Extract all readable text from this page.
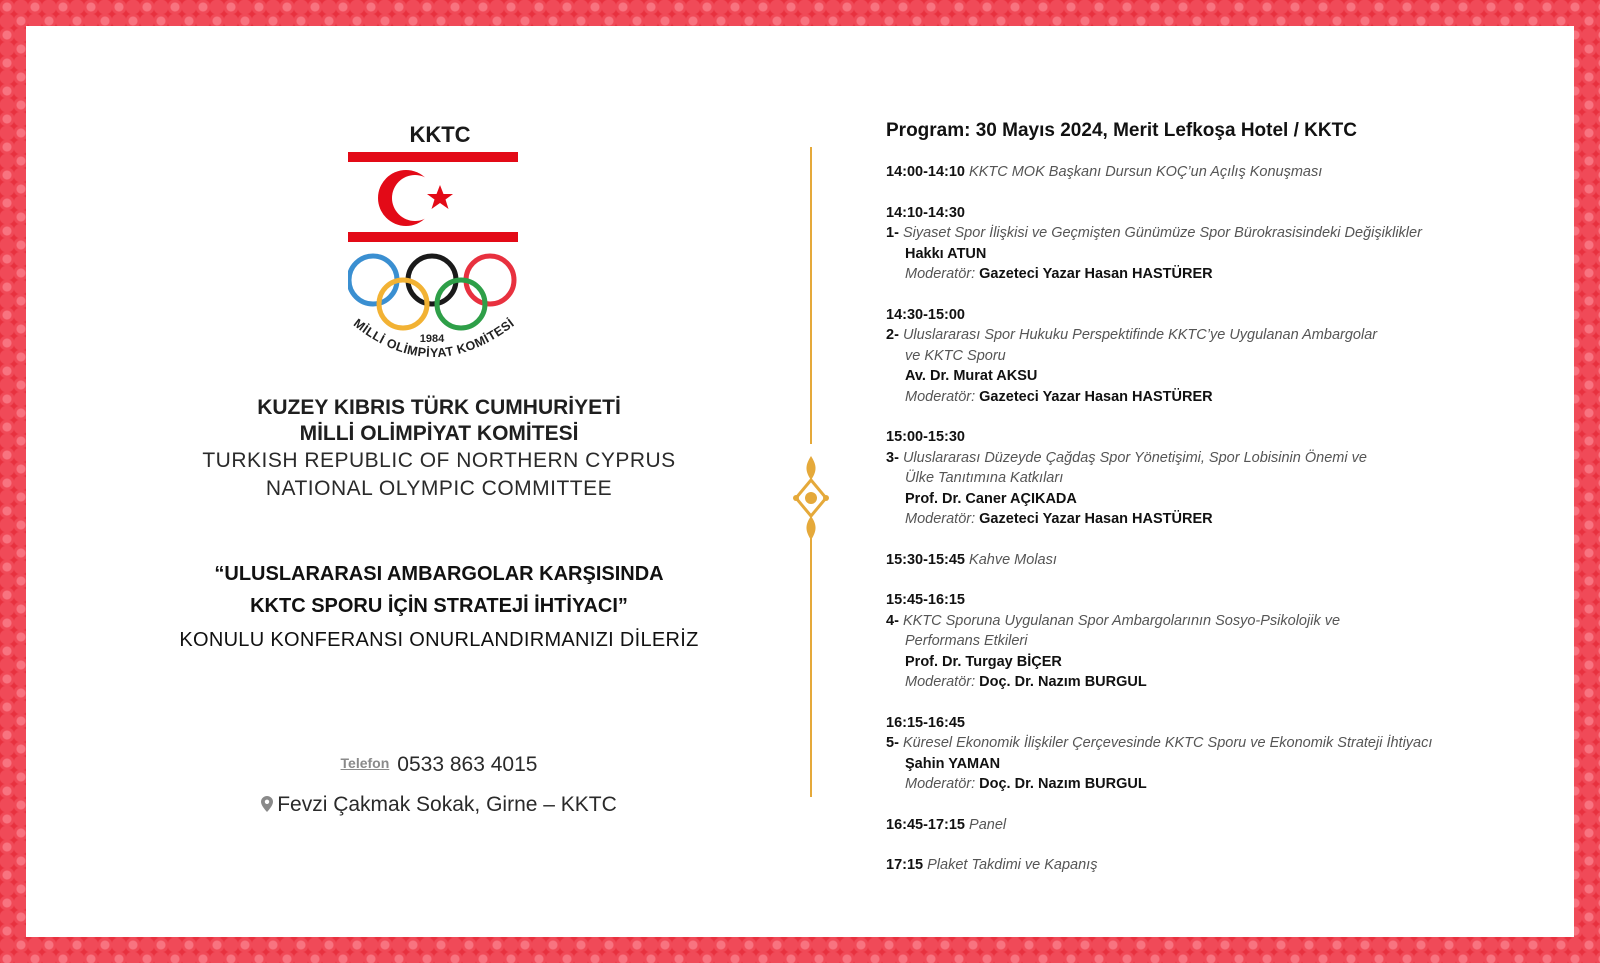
KKTC
1984
MİLLİ OLİMPİYAT KOMİTESİ
KUZEY KIBRIS TÜRK CUMHURİYETİ
MİLLİ OLİMPİYAT KOMİTESİ
TURKISH REPUBLIC OF NORTHERN CYPRUS
NATIONAL OLYMPIC COMMITTEE
“ULUSLARARASI AMBARGOLAR KARŞISINDA
KKTC SPORU İÇİN STRATEJİ İHTİYACI”
KONULU KONFERANSI ONURLANDIRMANIZI DİLERİZ
Telefon 0533 863 4015
Fevzi Çakmak Sokak, Girne – KKTC
Program: 30 Mayıs 2024, Merit Lefkoşa Hotel / KKTC
14:00-14:10 KKTC MOK Başkanı Dursun KOÇ’un Açılış Konuşması
14:10-14:30
1- Siyaset Spor İlişkisi ve Geçmişten Günümüze Spor Bürokrasisindeki Değişiklikler
Hakkı ATUN
Moderatör: Gazeteci Yazar Hasan HASTÜRER
14:30-15:00
2- Uluslararası Spor Hukuku Perspektifinde KKTC’ye Uygulanan Ambargolar
ve KKTC Sporu
Av. Dr. Murat AKSU
Moderatör: Gazeteci Yazar Hasan HASTÜRER
15:00-15:30
3- Uluslararası Düzeyde Çağdaş Spor Yönetişimi, Spor Lobisinin Önemi ve
Ülke Tanıtımına Katkıları
Prof. Dr. Caner AÇIKADA
Moderatör: Gazeteci Yazar Hasan HASTÜRER
15:30-15:45 Kahve Molası
15:45-16:15
4- KKTC Sporuna Uygulanan Spor Ambargolarının Sosyo-Psikolojik ve
Performans Etkileri
Prof. Dr. Turgay BİÇER
Moderatör: Doç. Dr. Nazım BURGUL
16:15-16:45
5- Küresel Ekonomik İlişkiler Çerçevesinde KKTC Sporu ve Ekonomik Strateji İhtiyacı
Şahin YAMAN
Moderatör: Doç. Dr. Nazım BURGUL
16:45-17:15 Panel
17:15 Plaket Takdimi ve Kapanış
